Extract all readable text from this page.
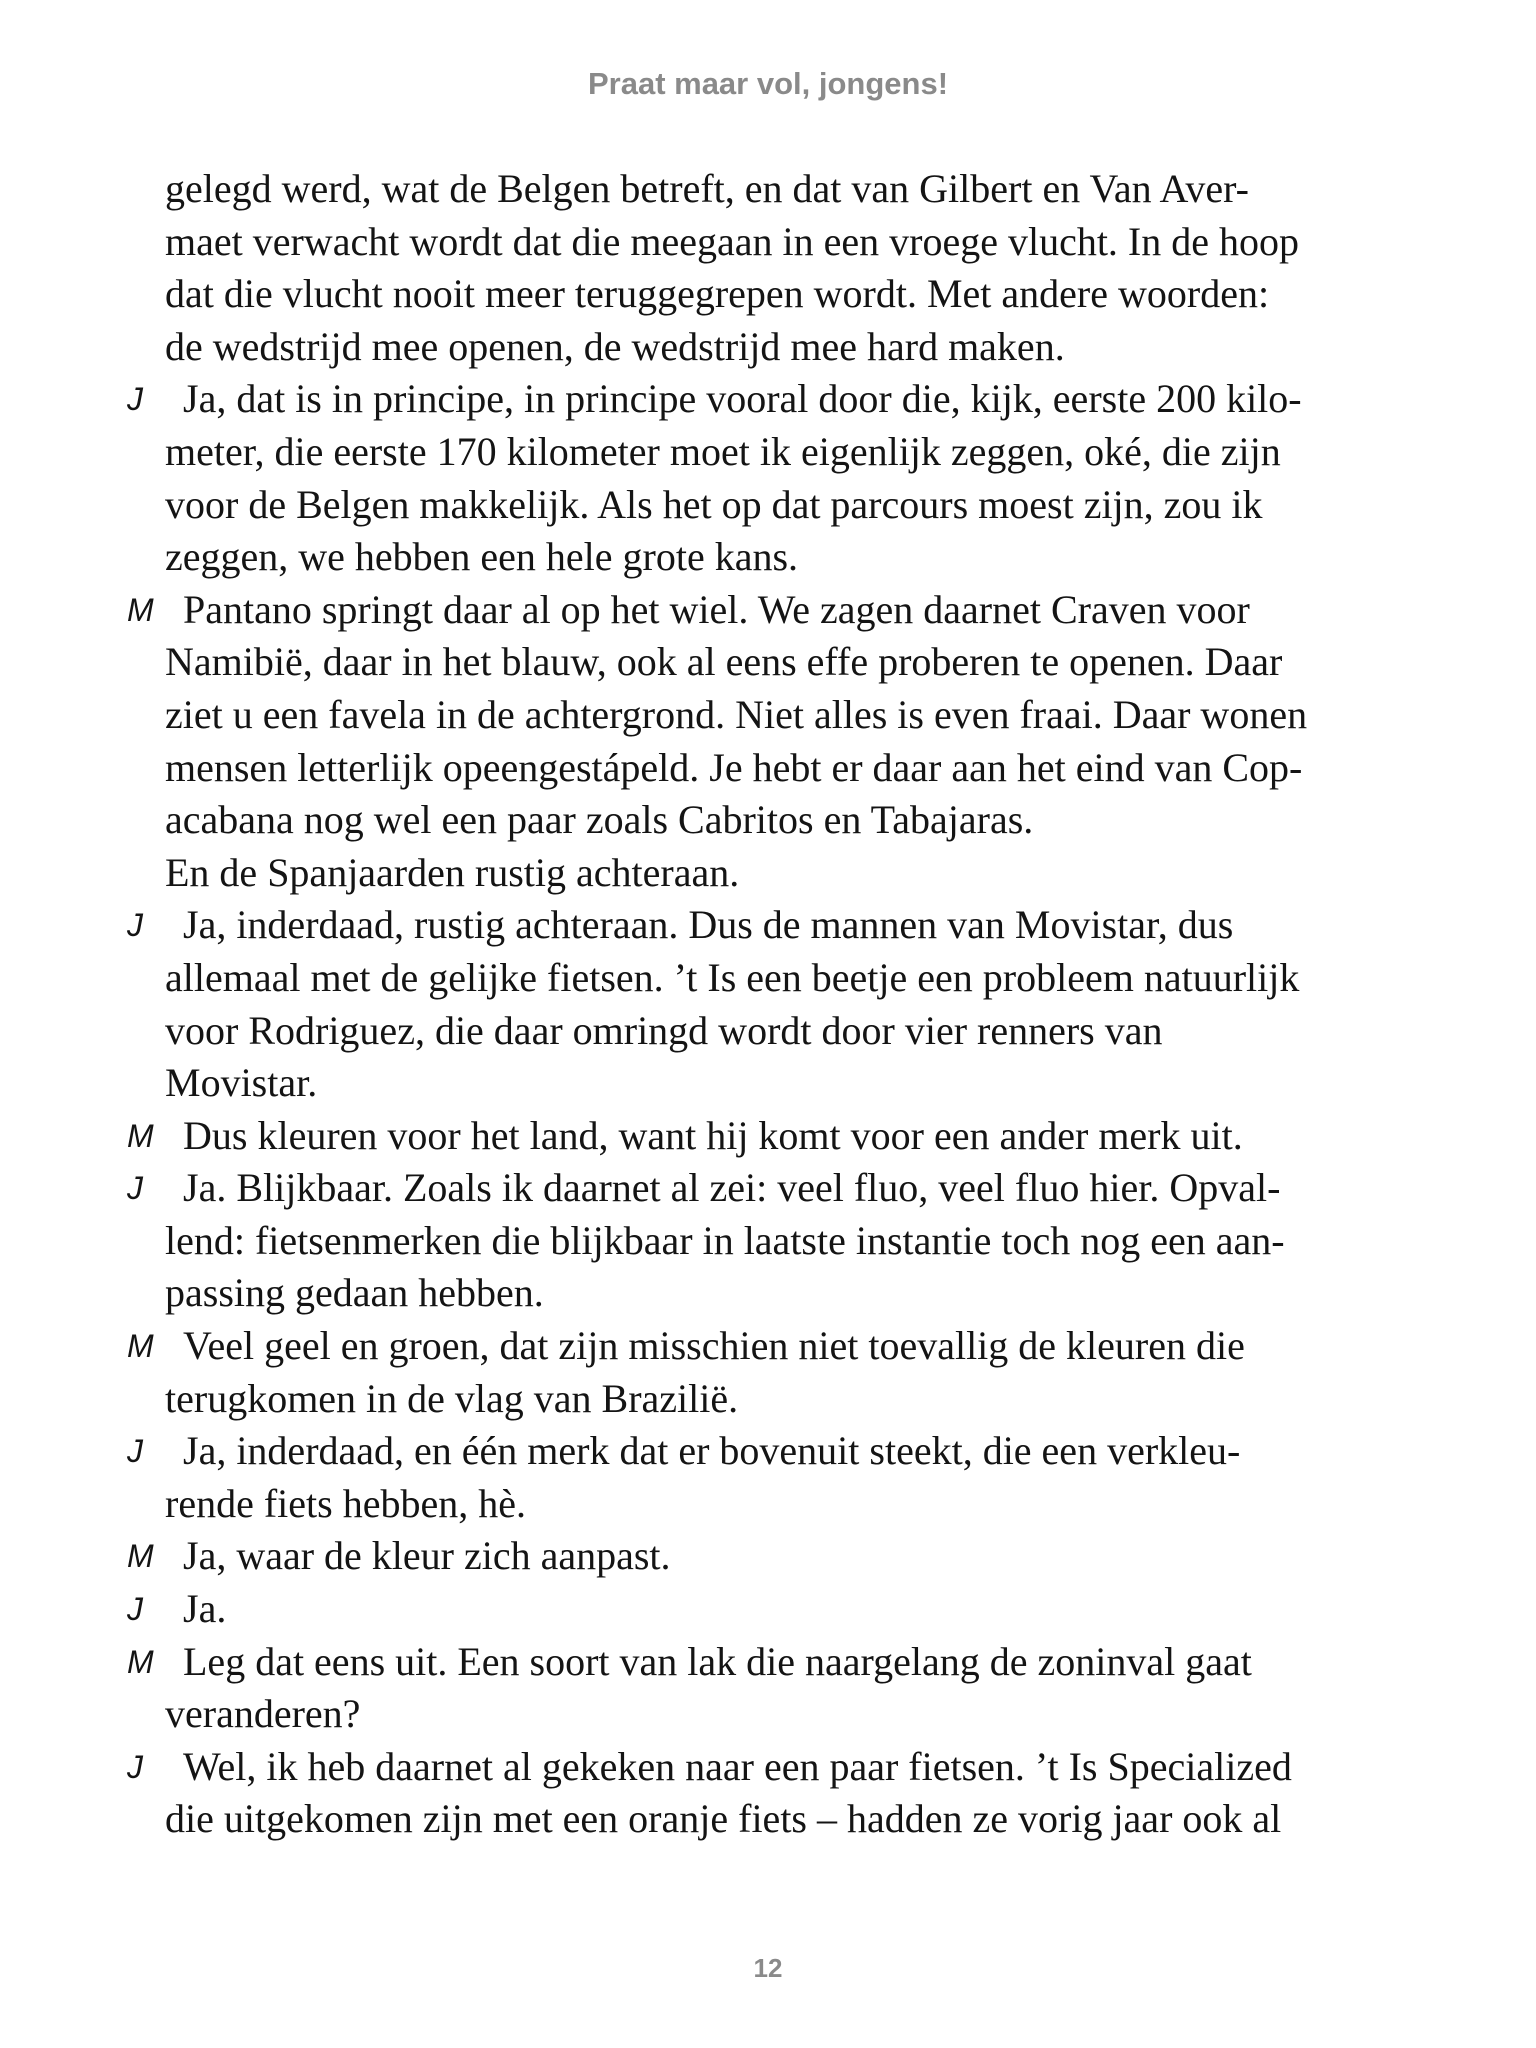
Praat maar vol, jongens!
gelegd werd, wat de Belgen betreft, en dat van Gilbert en Van Aver-
maet verwacht wordt dat die meegaan in een vroege vlucht. In de hoop
dat die vlucht nooit meer teruggegrepen wordt. Met andere woorden:
de wedstrijd mee openen, de wedstrijd mee hard maken.
J	Ja, dat is in principe, in principe vooral door die, kijk, eerste 200 kilo-
meter, die eerste 170 kilometer moet ik eigenlijk zeggen, oké, die zijn
voor de Belgen makkelijk. Als het op dat parcours moest zijn, zou ik
zeggen, we hebben een hele grote kans.
M Pantano springt daar al op het wiel. We zagen daarnet Craven voor
Namibië, daar in het blauw, ook al eens effe proberen te openen. Daar
ziet u een favela in de achtergrond. Niet alles is even fraai. Daar wonen
mensen letterlijk opeengestápeld. Je hebt er daar aan het eind van Cop-
acabana nog wel een paar zoals Cabritos en Tabajaras.
En de Spanjaarden rustig achteraan.
J	Ja, inderdaad, rustig achteraan. Dus de mannen van Movistar, dus
allemaal met de gelijke fietsen. ’t Is een beetje een probleem natuurlijk
voor Rodriguez, die daar omringd wordt door vier renners van
Movistar.
M Dus kleuren voor het land, want hij komt voor een ander merk uit.
J	Ja. Blijkbaar. Zoals ik daarnet al zei: veel fluo, veel fluo hier. Opval-
lend: fietsenmerken die blijkbaar in laatste instantie toch nog een aan-
passing gedaan hebben.
M Veel geel en groen, dat zijn misschien niet toevallig de kleuren die
terugkomen in de vlag van Brazilië.
J	Ja, inderdaad, en één merk dat er bovenuit steekt, die een verkleu-
rende fiets hebben, hè.
M Ja, waar de kleur zich aanpast.
J	Ja.
M Leg dat eens uit. Een soort van lak die naargelang de zoninval gaat
veranderen?
J	Wel, ik heb daarnet al gekeken naar een paar fietsen. ’t Is Specialized
die uitgekomen zijn met een oranje fiets – hadden ze vorig jaar ook al
12
